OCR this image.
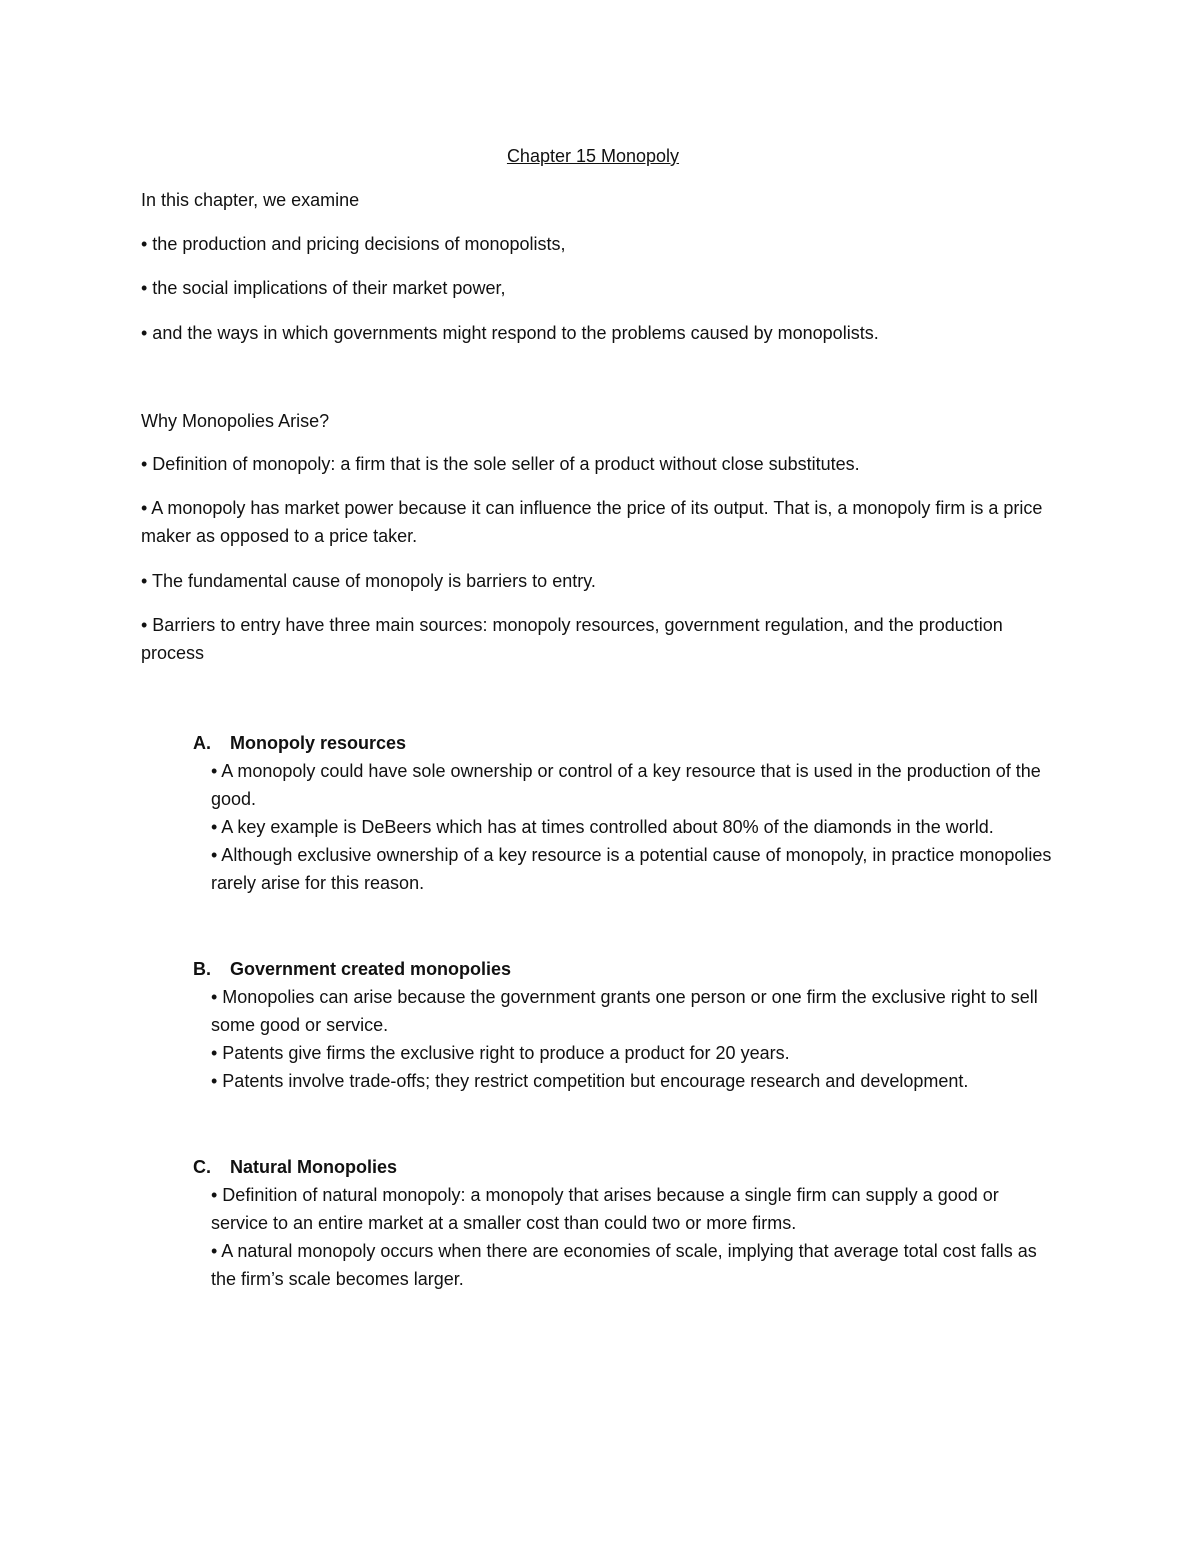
Chapter 15 Monopoly

In this chapter, we examine

• the production and pricing decisions of monopolists,

• the social implications of their market power,

• and the ways in which governments might respond to the problems caused by monopolists.

Why Monopolies Arise?

• Definition of monopoly: a firm that is the sole seller of a product without close substitutes.

• A monopoly has market power because it can influence the price of its output. That is, a monopoly firm is a price maker as opposed to a price taker.

• The fundamental cause of monopoly is barriers to entry.

• Barriers to entry have three main sources: monopoly resources, government regulation, and the production process

A. Monopoly resources

• A monopoly could have sole ownership or control of a key resource that is used in the production of the good.
• A key example is DeBeers which has at times controlled about 80% of the diamonds in the world.
• Although exclusive ownership of a key resource is a potential cause of monopoly, in practice monopolies rarely arise for this reason.

B. Government created monopolies

• Monopolies can arise because the government grants one person or one firm the exclusive right to sell some good or service.
• Patents give firms the exclusive right to produce a product for 20 years.
• Patents involve trade-offs; they restrict competition but encourage research and development.

C. Natural Monopolies

• Definition of natural monopoly: a monopoly that arises because a single firm can supply a good or service to an entire market at a smaller cost than could two or more firms.
• A natural monopoly occurs when there are economies of scale, implying that average total cost falls as the firm’s scale becomes larger.
